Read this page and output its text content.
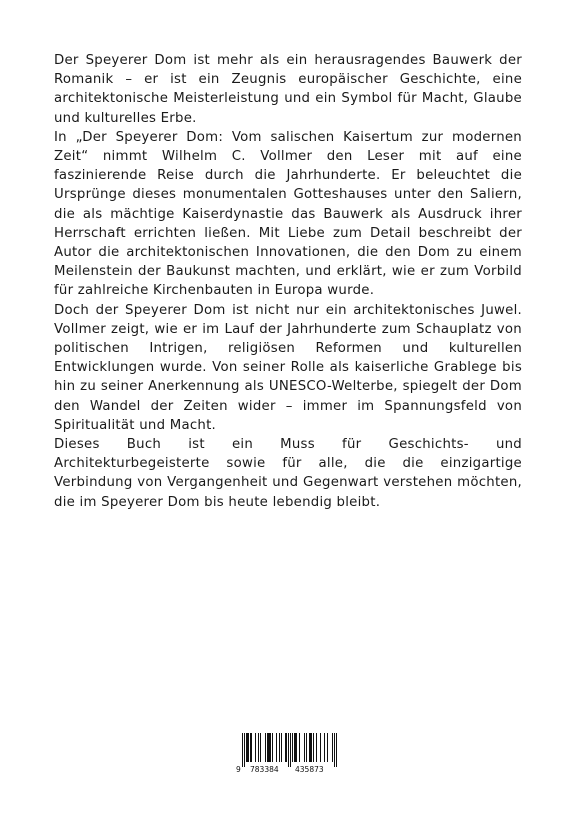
Der Speyerer Dom ist mehr als ein herausragendes Bauwerk der Romanik – er ist ein Zeugnis europäischer Geschichte, eine architektonische Meisterleistung und ein Symbol für Macht, Glaube und kulturelles Erbe.

In „Der Speyerer Dom: Vom salischen Kaisertum zur modernen Zeit“ nimmt Wilhelm C. Vollmer den Leser mit auf eine faszinierende Reise durch die Jahrhunderte. Er beleuchtet die Ursprünge dieses monumentalen Gotteshauses unter den Saliern, die als mächtige Kaiserdynastie das Bauwerk als Ausdruck ihrer Herrschaft errichten ließen. Mit Liebe zum Detail beschreibt der Autor die architektonischen Innovationen, die den Dom zu einem Meilenstein der Baukunst machten, und erklärt, wie er zum Vorbild für zahlreiche Kirchenbauten in Europa wurde.

Doch der Speyerer Dom ist nicht nur ein architektonisches Juwel. Vollmer zeigt, wie er im Lauf der Jahrhunderte zum Schauplatz von politischen Intrigen, religiösen Reformen und kulturellen Entwicklungen wurde. Von seiner Rolle als kaiserliche Grablege bis hin zu seiner Anerkennung als UNESCO-Welterbe, spiegelt der Dom den Wandel der Zeiten wider – immer im Spannungsfeld von Spiritualität und Macht.

Dieses Buch ist ein Muss für Geschichts- und Architekturbegeisterte sowie für alle, die die einzigartige Verbindung von Vergangenheit und Gegenwart verstehen möchten, die im Speyerer Dom bis heute lebendig bleibt.

9 783384 435873
